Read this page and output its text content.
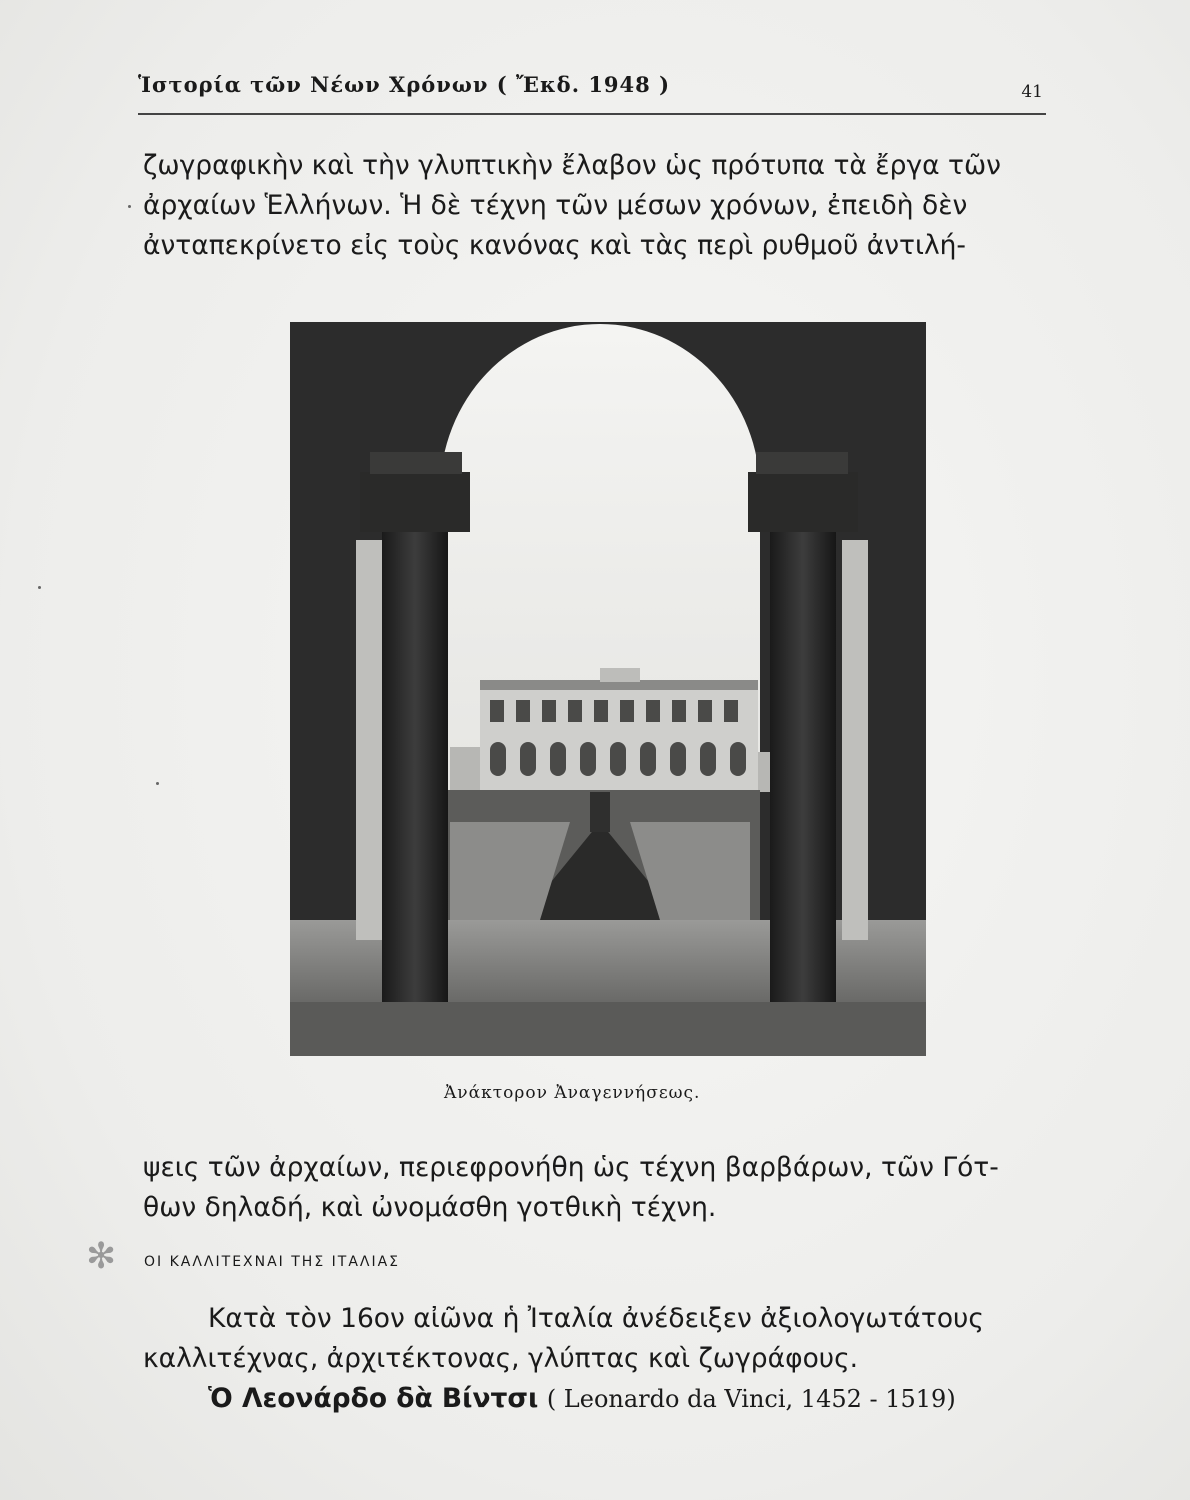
Ἱστορία τῶν Νέων Χρόνων ( Ἔκδ. 1948 )	41

ζωγραφικὴν καὶ τὴν γλυπτικὴν ἔλαβον ὡς πρότυπα τὰ ἔργα τῶν
ἀρχαίων Ἑλλήνων. Ἡ δὲ τέχνη τῶν μέσων χρόνων, ἐπειδὴ δὲν
ἀνταπεκρίνετο εἰς τοὺς κανόνας καὶ τὰς περὶ ρυθμοῦ ἀντιλή-

Ἀνάκτορον Ἀναγεννήσεως.

ψεις τῶν ἀρχαίων, περιεφρονήθη ὡς τέχνη βαρβάρων, τῶν Γότ-
θων δηλαδή, καὶ ὠνομάσθη γοτθικὴ τέχνη.

✻ ΟΙ ΚΑΛΛΙΤΕΧΝΑΙ ΤΗΣ ΙΤΑΛΙΑΣ

Κατὰ τὸν 16ον αἰῶνα ἡ Ἰταλία ἀνέδειξεν ἀξιολογωτάτους
καλλιτέχνας, ἀρχιτέκτονας, γλύπτας καὶ ζωγράφους.
Ὁ Λεονάρδο δὰ Βίντσι ( Leonardo da Vinci, 1452 - 1519)
